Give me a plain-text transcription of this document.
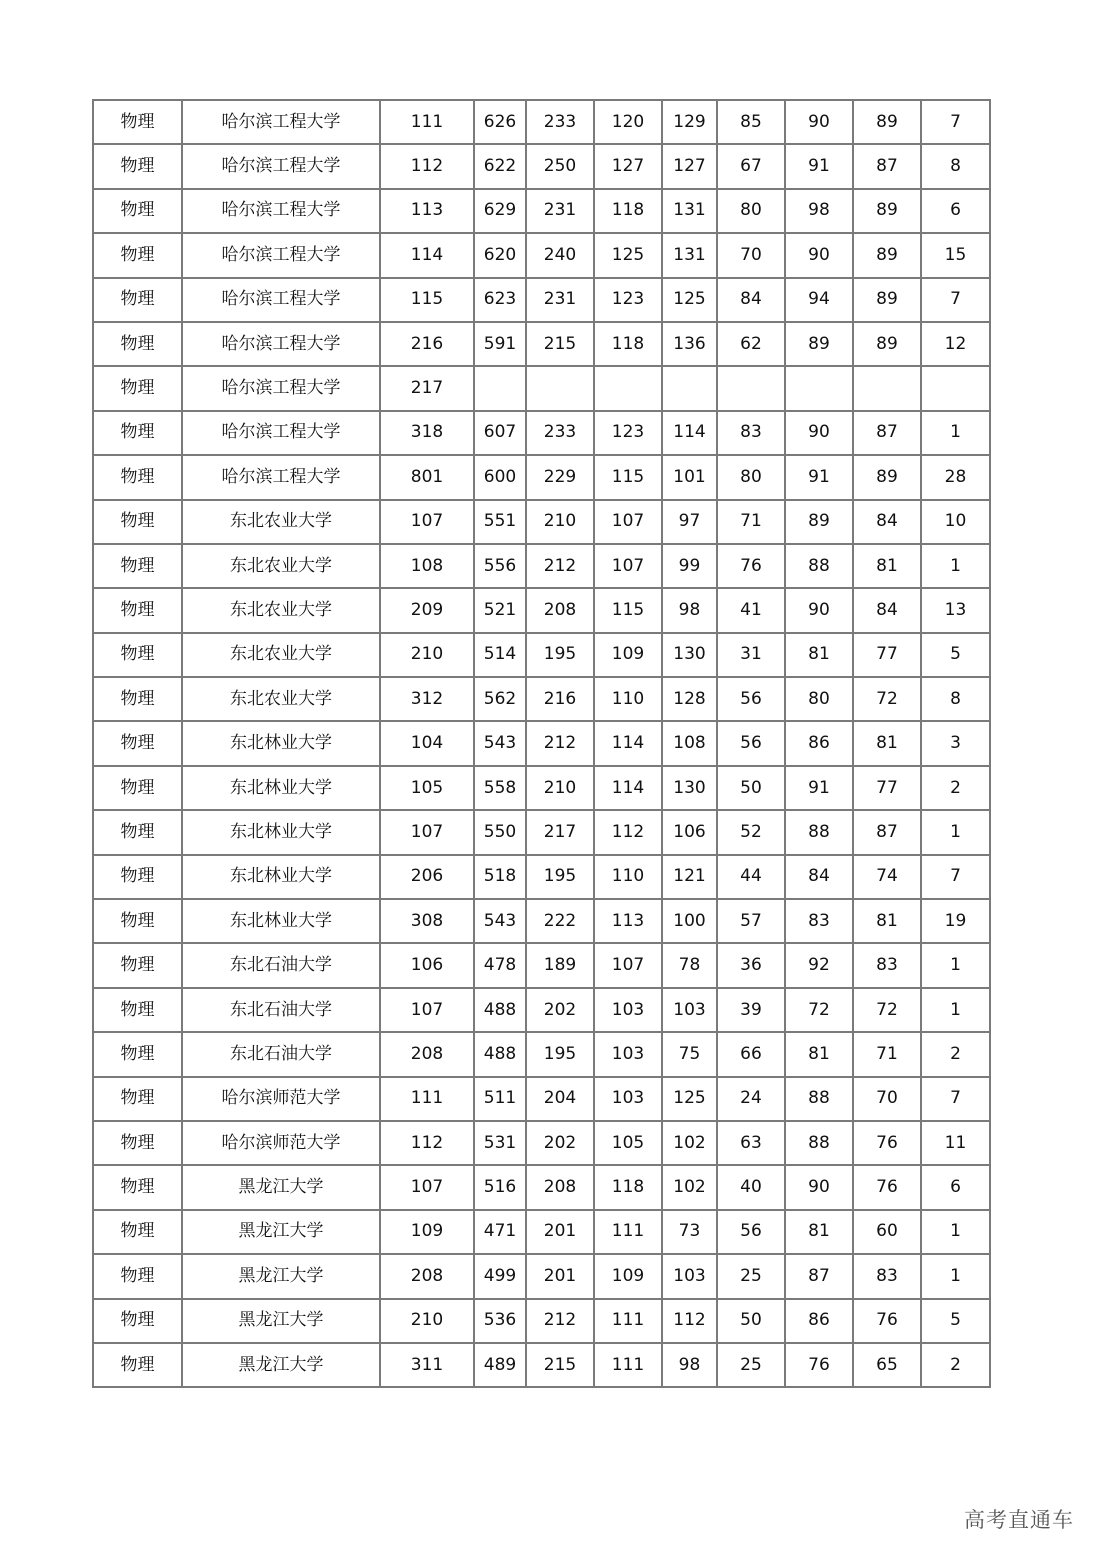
物理	哈尔滨工程大学	111	626	233	120	129	85	90	89	7
物理	哈尔滨工程大学	112	622	250	127	127	67	91	87	8
物理	哈尔滨工程大学	113	629	231	118	131	80	98	89	6
物理	哈尔滨工程大学	114	620	240	125	131	70	90	89	15
物理	哈尔滨工程大学	115	623	231	123	125	84	94	89	7
物理	哈尔滨工程大学	216	591	215	118	136	62	89	89	12
物理	哈尔滨工程大学	217								
物理	哈尔滨工程大学	318	607	233	123	114	83	90	87	1
物理	哈尔滨工程大学	801	600	229	115	101	80	91	89	28
物理	东北农业大学	107	551	210	107	97	71	89	84	10
物理	东北农业大学	108	556	212	107	99	76	88	81	1
物理	东北农业大学	209	521	208	115	98	41	90	84	13
物理	东北农业大学	210	514	195	109	130	31	81	77	5
物理	东北农业大学	312	562	216	110	128	56	80	72	8
物理	东北林业大学	104	543	212	114	108	56	86	81	3
物理	东北林业大学	105	558	210	114	130	50	91	77	2
物理	东北林业大学	107	550	217	112	106	52	88	87	1
物理	东北林业大学	206	518	195	110	121	44	84	74	7
物理	东北林业大学	308	543	222	113	100	57	83	81	19
物理	东北石油大学	106	478	189	107	78	36	92	83	1
物理	东北石油大学	107	488	202	103	103	39	72	72	1
物理	东北石油大学	208	488	195	103	75	66	81	71	2
物理	哈尔滨师范大学	111	511	204	103	125	24	88	70	7
物理	哈尔滨师范大学	112	531	202	105	102	63	88	76	11
物理	黑龙江大学	107	516	208	118	102	40	90	76	6
物理	黑龙江大学	109	471	201	111	73	56	81	60	1
物理	黑龙江大学	208	499	201	109	103	25	87	83	1
物理	黑龙江大学	210	536	212	111	112	50	86	76	5
物理	黑龙江大学	311	489	215	111	98	25	76	65	2
高考直通车
